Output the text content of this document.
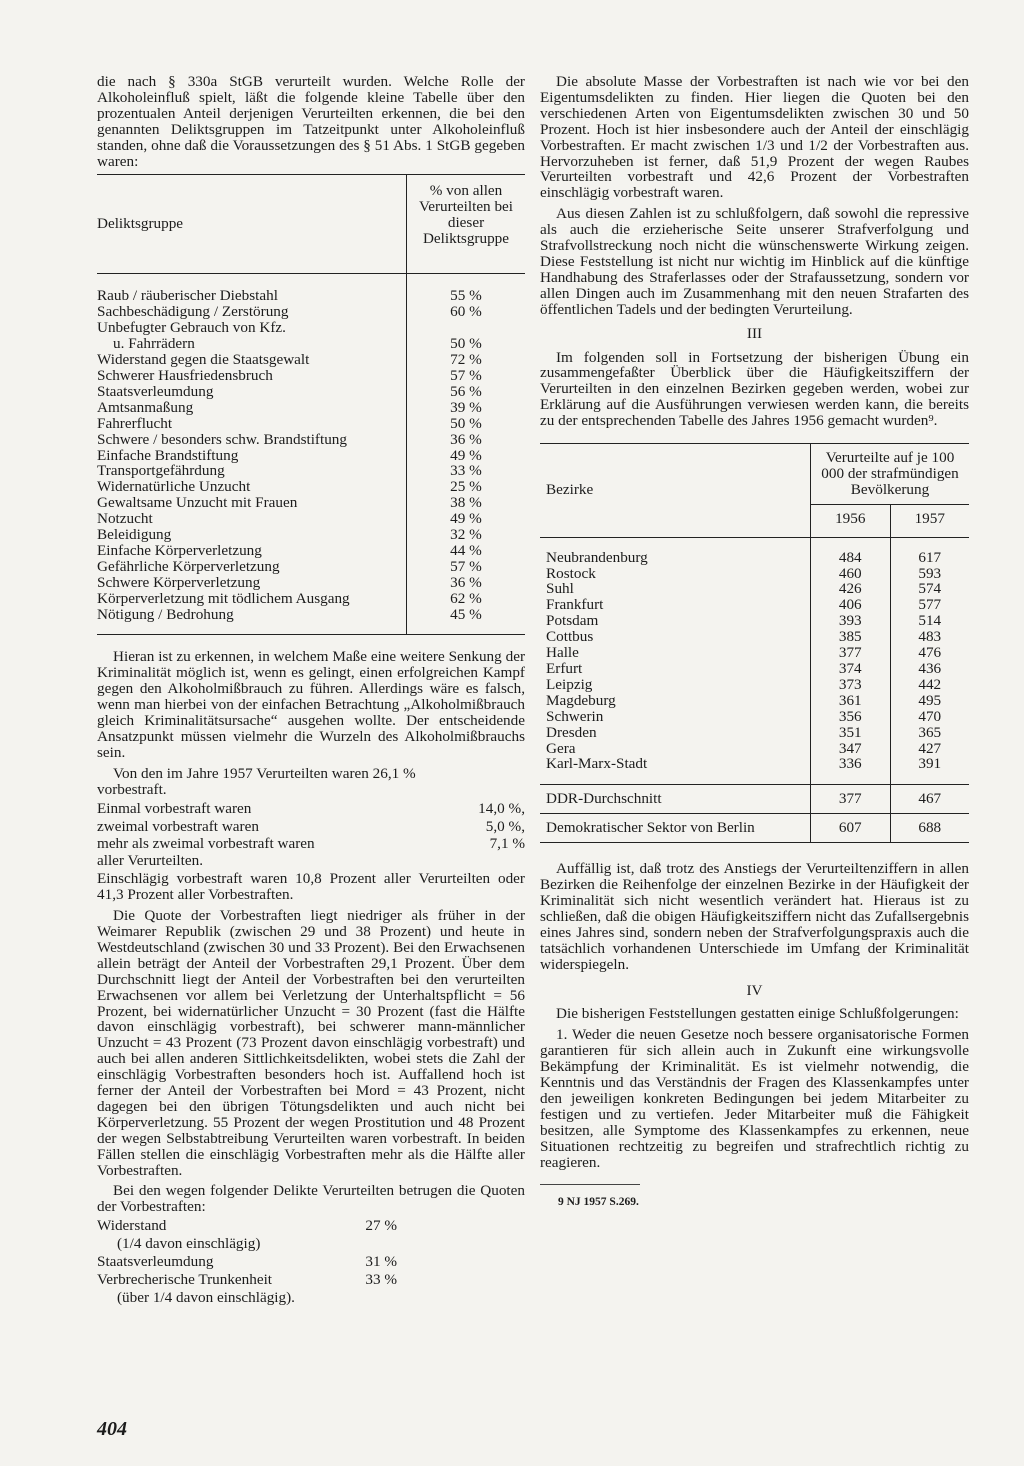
die nach § 330a StGB verurteilt wurden. Welche Rolle der Alkoholeinfluß spielt, läßt die folgende kleine Tabelle über den prozentualen Anteil derjenigen Verurteilten erkennen, die bei den genannten Deliktsgruppen im Tatzeitpunkt unter Alkoholeinfluß standen, ohne daß die Voraussetzungen des § 51 Abs. 1 StGB gegeben waren:

Deliktsgruppe	% von allen Verurteilten bei dieser Deliktsgruppe

Raub / räuberischer Diebstahl	55 %
Sachbeschädigung / Zerstörung	60 %
Unbefugter Gebrauch von Kfz.	
u. Fahrrädern	50 %
Widerstand gegen die Staatsgewalt	72 %
Schwerer Hausfriedensbruch	57 %
Staatsverleumdung	56 %
Amtsanmaßung	39 %
Fahrerflucht	50 %
Schwere / besonders schw. Brandstiftung	36 %
Einfache Brandstiftung	49 %
Transportgefährdung	33 %
Widernatürliche Unzucht	25 %
Gewaltsame Unzucht mit Frauen	38 %
Notzucht	49 %
Beleidigung	32 %
Einfache Körperverletzung	44 %
Gefährliche Körperverletzung	57 %
Schwere Körperverletzung	36 %
Körperverletzung mit tödlichem Ausgang	62 %
Nötigung / Bedrohung	45 %

Hieran ist zu erkennen, in welchem Maße eine weitere Senkung der Kriminalität möglich ist, wenn es gelingt, einen erfolgreichen Kampf gegen den Alkoholmißbrauch zu führen. Allerdings wäre es falsch, wenn man hierbei von der einfachen Betrachtung „Alkoholmißbrauch gleich Kriminalitätsursache“ ausgehen wollte. Der entscheidende Ansatzpunkt müssen vielmehr die Wurzeln des Alkoholmißbrauchs sein.

Von den im Jahre 1957 Verurteilten waren 26,1 %

vorbestraft.

Einmal vorbestraft waren	14,0 %,
zweimal vorbestraft waren	5,0 %,
mehr als zweimal vorbestraft waren	7,1 %

aller Verurteilten.

Einschlägig vorbestraft waren 10,8 Prozent aller Verurteilten oder 41,3 Prozent aller Vorbestraften.

Die Quote der Vorbestraften liegt niedriger als früher in der Weimarer Republik (zwischen 29 und 38 Prozent) und heute in Westdeutschland (zwischen 30 und 33 Prozent). Bei den Erwachsenen allein beträgt der Anteil der Vorbestraften 29,1 Prozent. Über dem Durchschnitt liegt der Anteil der Vorbestraften bei den verurteilten Erwachsenen vor allem bei Verletzung der Unterhaltspflicht = 56 Prozent, bei widernatürlicher Unzucht = 30 Prozent (fast die Hälfte davon einschlägig vorbestraft), bei schwerer mann-männlicher Unzucht = 43 Prozent (73 Prozent davon einschlägig vorbestraft) und auch bei allen anderen Sittlichkeitsdelikten, wobei stets die Zahl der einschlägig Vorbestraften besonders hoch ist. Auffallend hoch ist ferner der Anteil der Vorbestraften bei Mord = 43 Prozent, nicht dagegen bei den übrigen Tötungsdelikten und auch nicht bei Körperverletzung. 55 Prozent der wegen Prostitution und 48 Prozent der wegen Selbstabtreibung Verurteilten waren vorbestraft. In beiden Fällen stellen die einschlägig Vorbestraften mehr als die Hälfte aller Vorbestraften.

Bei den wegen folgender Delikte Verurteilten betrugen die Quoten der Vorbestraften:

Widerstand	27 %
(1/4 davon einschlägig)	
Staatsverleumdung	31 %
Verbrecherische Trunkenheit	33 %
(über 1/4 davon einschlägig).	
404

Die absolute Masse der Vorbestraften ist nach wie vor bei den Eigentumsdelikten zu finden. Hier liegen die Quoten bei den verschiedenen Arten von Eigentumsdelikten zwischen 30 und 50 Prozent. Hoch ist hier insbesondere auch der Anteil der einschlägig Vorbestraften. Er macht zwischen 1/3 und 1/2 der Vorbestraften aus. Hervorzuheben ist ferner, daß 51,9 Prozent der wegen Raubes Verurteilten vorbestraft und 42,6 Prozent der Vorbestraften einschlägig vorbestraft waren.

Aus diesen Zahlen ist zu schlußfolgern, daß sowohl die repressive als auch die erzieherische Seite unserer Strafverfolgung und Strafvollstreckung noch nicht die wünschenswerte Wirkung zeigen. Diese Feststellung ist nicht nur wichtig im Hinblick auf die künftige Handhabung des Straferlasses oder der Strafaussetzung, sondern vor allen Dingen auch im Zusammenhang mit den neuen Strafarten des öffentlichen Tadels und der bedingten Verurteilung.

III

Im folgenden soll in Fortsetzung der bisherigen Übung ein zusammengefaßter Überblick über die Häufigkeitsziffern der Verurteilten in den einzelnen Bezirken gegeben werden, wobei zur Erklärung auf die Ausführungen verwiesen werden kann, die bereits zu der entsprechenden Tabelle des Jahres 1956 gemacht wurden⁹.

Bezirke	Verurteilte auf je 100 000 der strafmündigen Bevölkerung	
	1956	1957

Neubrandenburg	484	617
Rostock	460	593
Suhl	426	574
Frankfurt	406	577
Potsdam	393	514
Cottbus	385	483
Halle	377	476
Erfurt	374	436
Leipzig	373	442
Magdeburg	361	495
Schwerin	356	470
Dresden	351	365
Gera	347	427
Karl-Marx-Stadt	336	391

DDR-Durchschnitt	377	467
Demokratischer Sektor von Berlin	607	688

Auffällig ist, daß trotz des Anstiegs der Verurteiltenziffern in allen Bezirken die Reihenfolge der einzelnen Bezirke in der Häufigkeit der Kriminalität sich nicht wesentlich verändert hat. Hieraus ist zu schließen, daß die obigen Häufigkeitsziffern nicht das Zufallsergebnis eines Jahres sind, sondern neben der Strafverfolgungspraxis auch die tatsächlich vorhandenen Unterschiede im Umfang der Kriminalität widerspiegeln.

IV

Die bisherigen Feststellungen gestatten einige Schlußfolgerungen:

1. Weder die neuen Gesetze noch bessere organisatorische Formen garantieren für sich allein auch in Zukunft eine wirkungsvolle Bekämpfung der Kriminalität. Es ist vielmehr notwendig, die Kenntnis und das Verständnis der Fragen des Klassenkampfes unter den jeweiligen konkreten Bedingungen bei jedem Mitarbeiter zu festigen und zu vertiefen. Jeder Mitarbeiter muß die Fähigkeit besitzen, alle Symptome des Klassenkampfes zu erkennen, neue Situationen rechtzeitig zu begreifen und strafrechtlich richtig zu reagieren.

9 NJ 1957 S.269.
